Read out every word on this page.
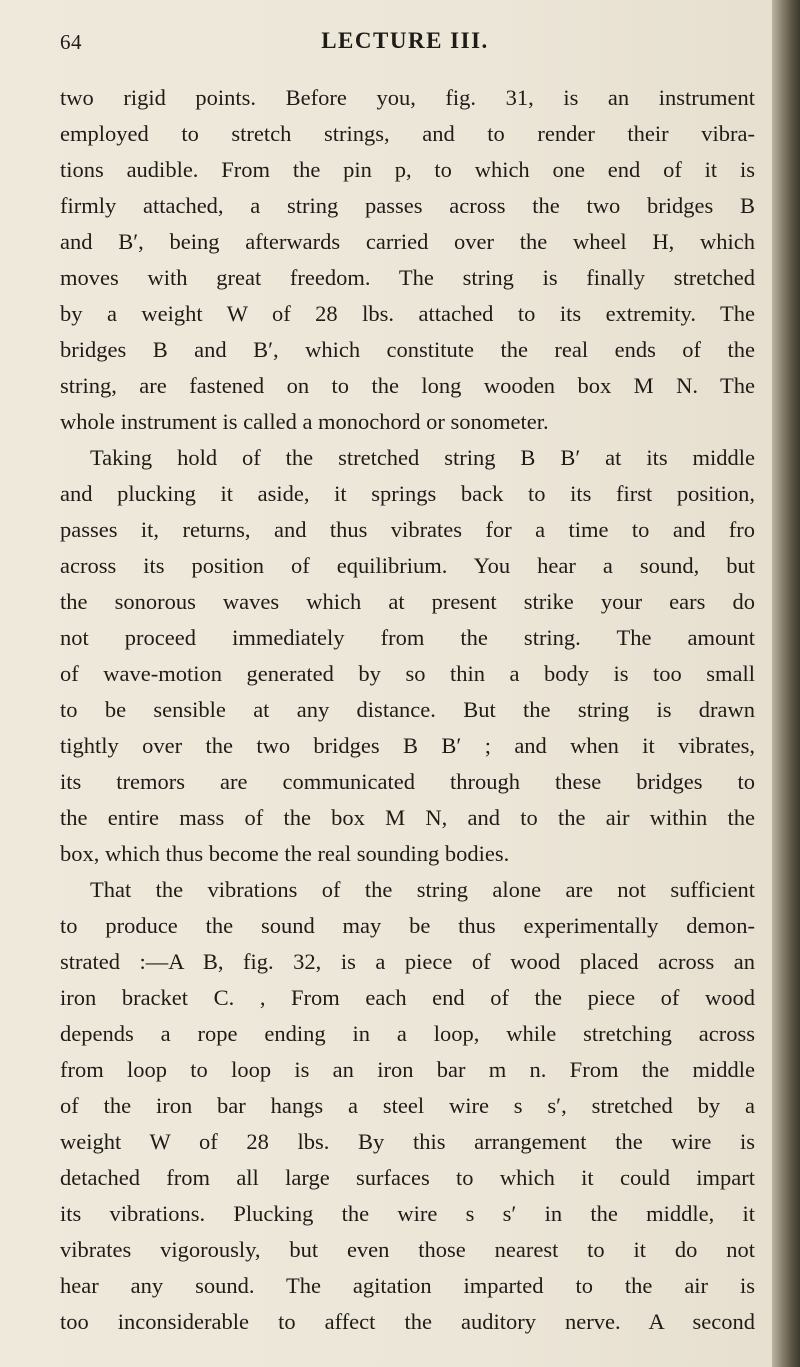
64	LECTURE III.
two rigid points. Before you, fig. 31, is an instrument
employed to stretch strings, and to render their vibra-
tions audible. From the pin p, to which one end of it is
firmly attached, a string passes across the two bridges B
and B′, being afterwards carried over the wheel H, which
moves with great freedom. The string is finally stretched
by a weight W of 28 lbs. attached to its extremity. The
bridges B and B′, which constitute the real ends of the
string, are fastened on to the long wooden box M N. The
whole instrument is called a monochord or sonometer.
Taking hold of the stretched string B B′ at its middle
and plucking it aside, it springs back to its first position,
passes it, returns, and thus vibrates for a time to and fro
across its position of equilibrium. You hear a sound, but
the sonorous waves which at present strike your ears do
not proceed immediately from the string. The amount
of wave-motion generated by so thin a body is too small
to be sensible at any distance. But the string is drawn
tightly over the two bridges B B′ ; and when it vibrates,
its tremors are communicated through these bridges to
the entire mass of the box M N, and to the air within the
box, which thus become the real sounding bodies.
That the vibrations of the string alone are not sufficient
to produce the sound may be thus experimentally demon-
strated :—A B, fig. 32, is a piece of wood placed across an
iron bracket C. , From each end of the piece of wood
depends a rope ending in a loop, while stretching across
from loop to loop is an iron bar m n. From the middle
of the iron bar hangs a steel wire s s′, stretched by a
weight W of 28 lbs. By this arrangement the wire is
detached from all large surfaces to which it could impart
its vibrations. Plucking the wire s s′ in the middle, it
vibrates vigorously, but even those nearest to it do not
hear any sound. The agitation imparted to the air is
too inconsiderable to affect the auditory nerve. A second
